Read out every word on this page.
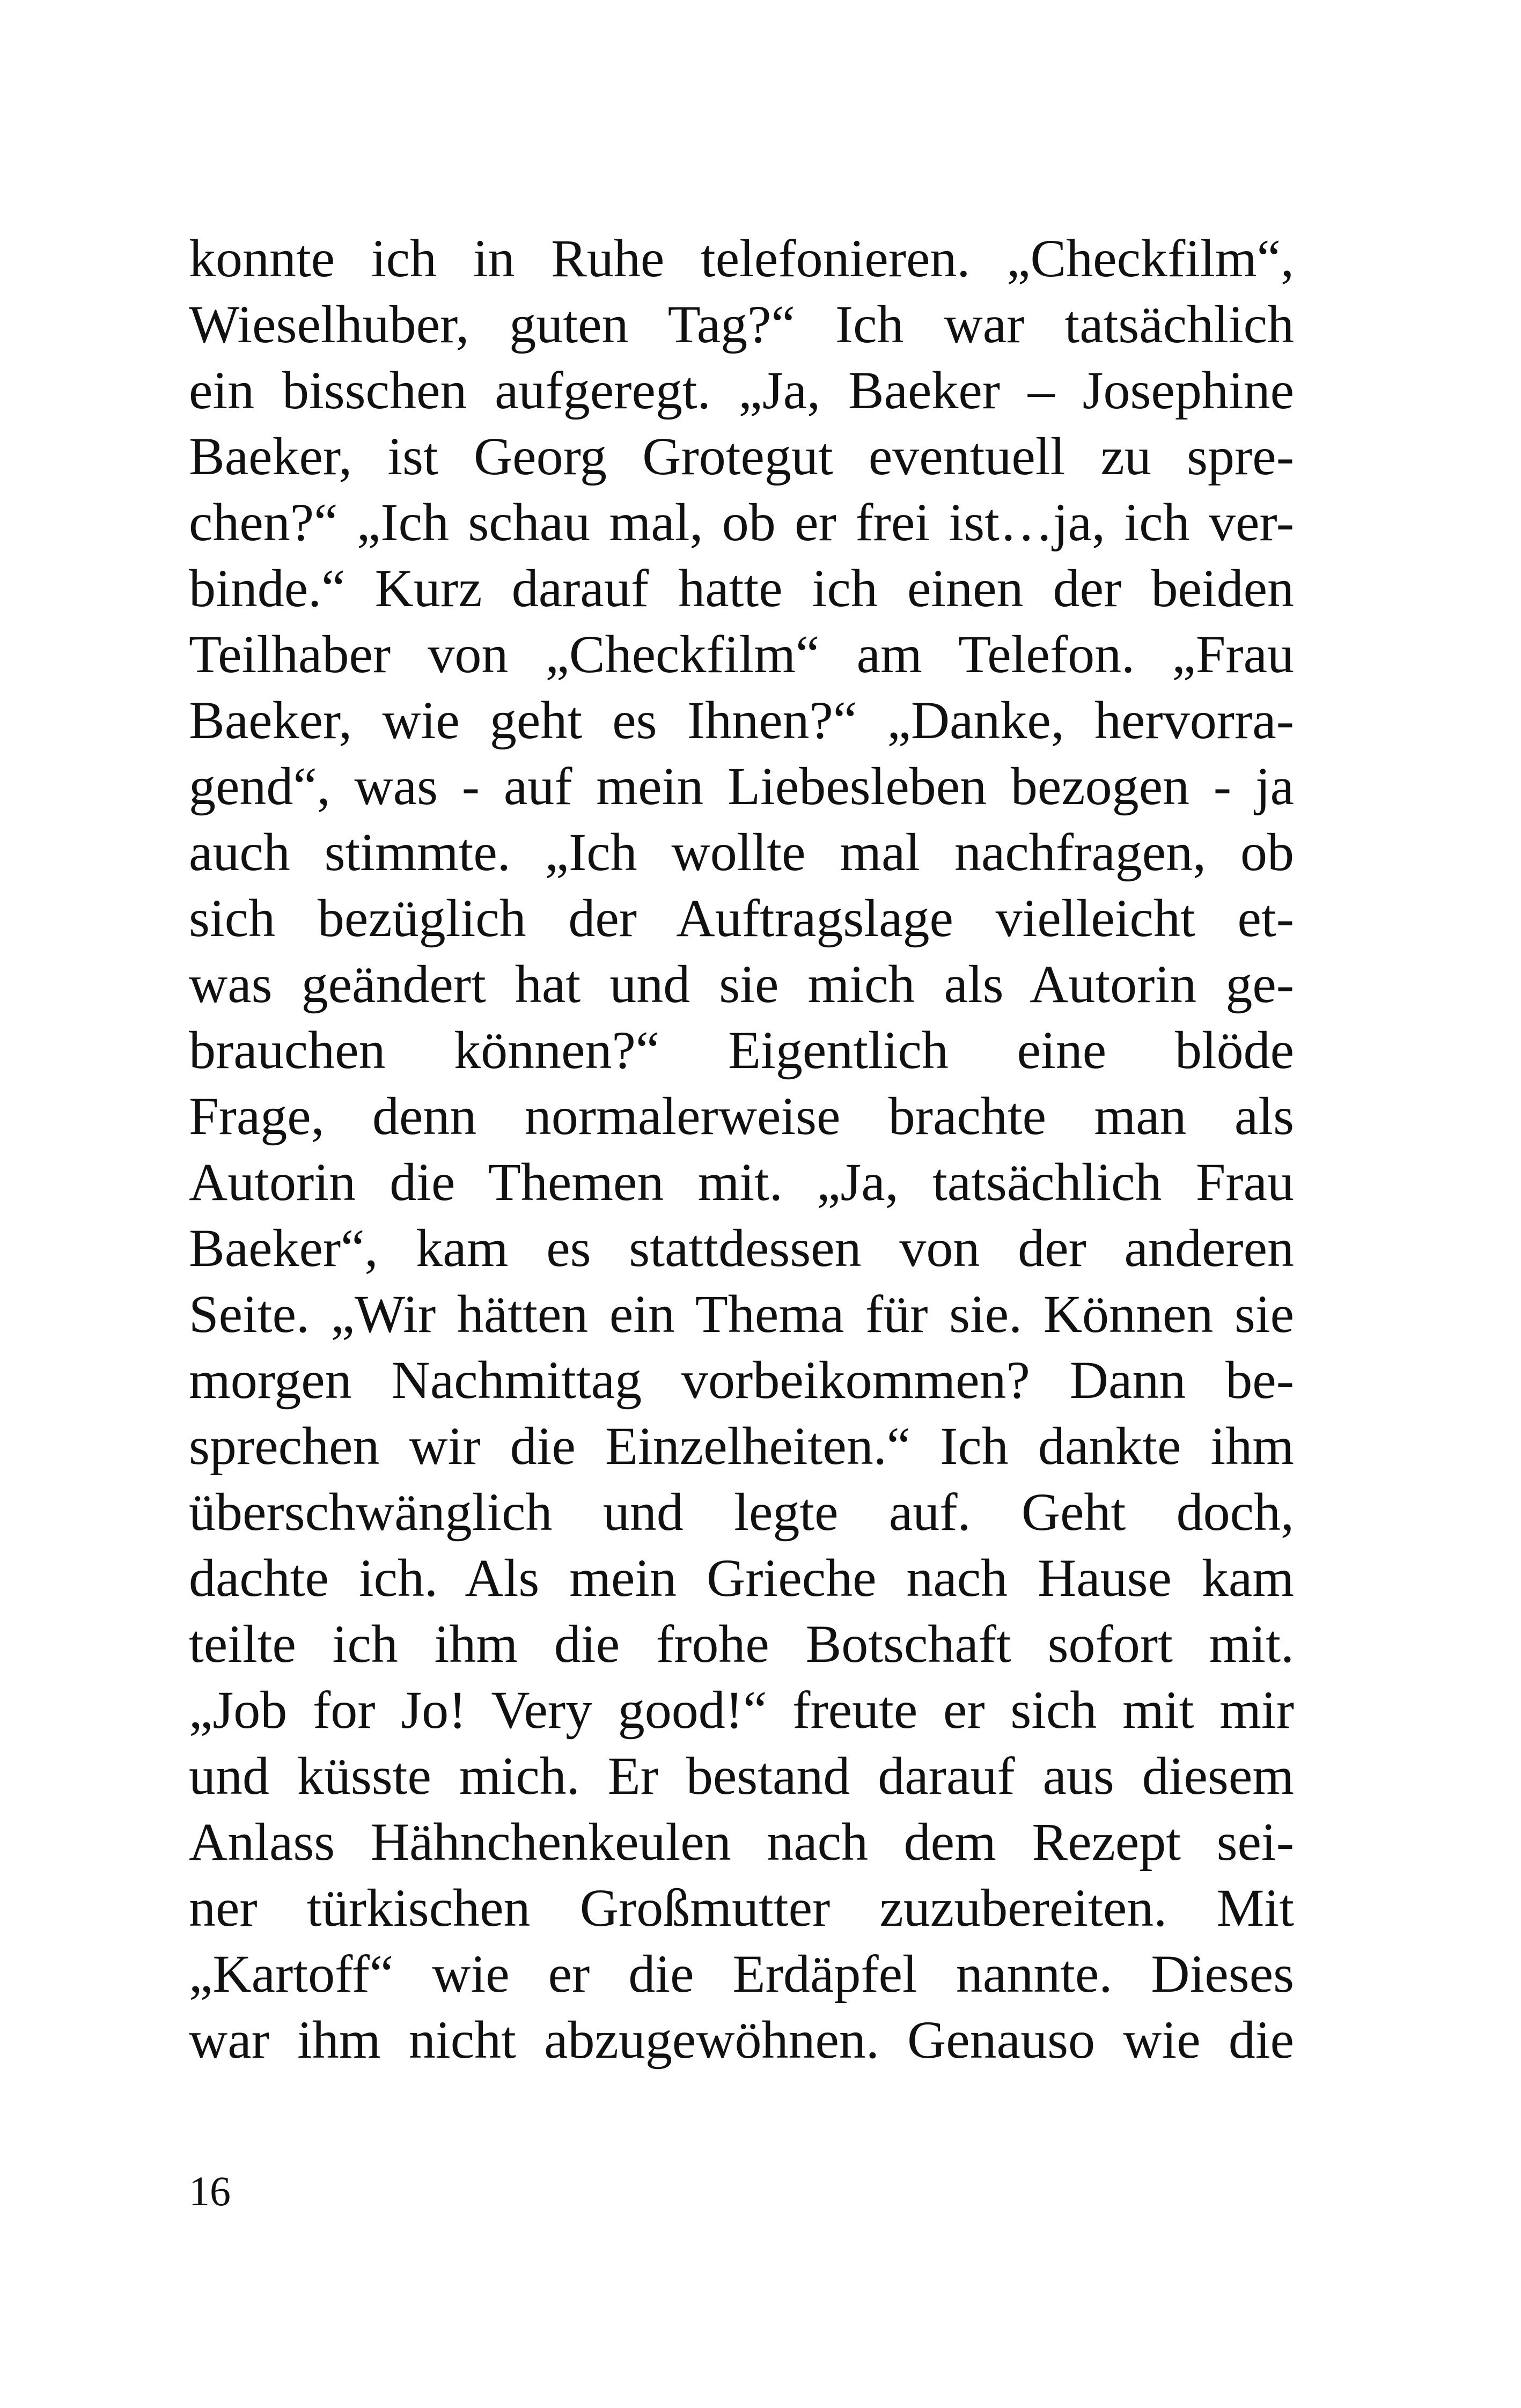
konnte ich in Ruhe telefonieren. „Checkfilm“,
Wieselhuber, guten Tag?“ Ich war tatsächlich
ein bisschen aufgeregt. „Ja, Baeker – Josephine
Baeker, ist Georg Grotegut eventuell zu spre-
chen?“ „Ich schau mal, ob er frei ist…ja, ich ver-
binde.“ Kurz darauf hatte ich einen der beiden
Teilhaber von „Checkfilm“ am Telefon. „Frau
Baeker, wie geht es Ihnen?“ „Danke, hervorra-
gend“, was - auf mein Liebesleben bezogen - ja
auch stimmte. „Ich wollte mal nachfragen, ob
sich bezüglich der Auftragslage vielleicht et-
was geändert hat und sie mich als Autorin ge-
brauchen können?“ Eigentlich eine blöde
Frage, denn normalerweise brachte man als
Autorin die Themen mit. „Ja, tatsächlich Frau
Baeker“, kam es stattdessen von der anderen
Seite. „Wir hätten ein Thema für sie. Können sie
morgen Nachmittag vorbeikommen? Dann be-
sprechen wir die Einzelheiten.“ Ich dankte ihm
überschwänglich und legte auf. Geht doch,
dachte ich. Als mein Grieche nach Hause kam
teilte ich ihm die frohe Botschaft sofort mit.
„Job for Jo! Very good!“ freute er sich mit mir
und küsste mich. Er bestand darauf aus diesem
Anlass Hähnchenkeulen nach dem Rezept sei-
ner türkischen Großmutter zuzubereiten. Mit
„Kartoff“ wie er die Erdäpfel nannte. Dieses
war ihm nicht abzugewöhnen. Genauso wie die
16
